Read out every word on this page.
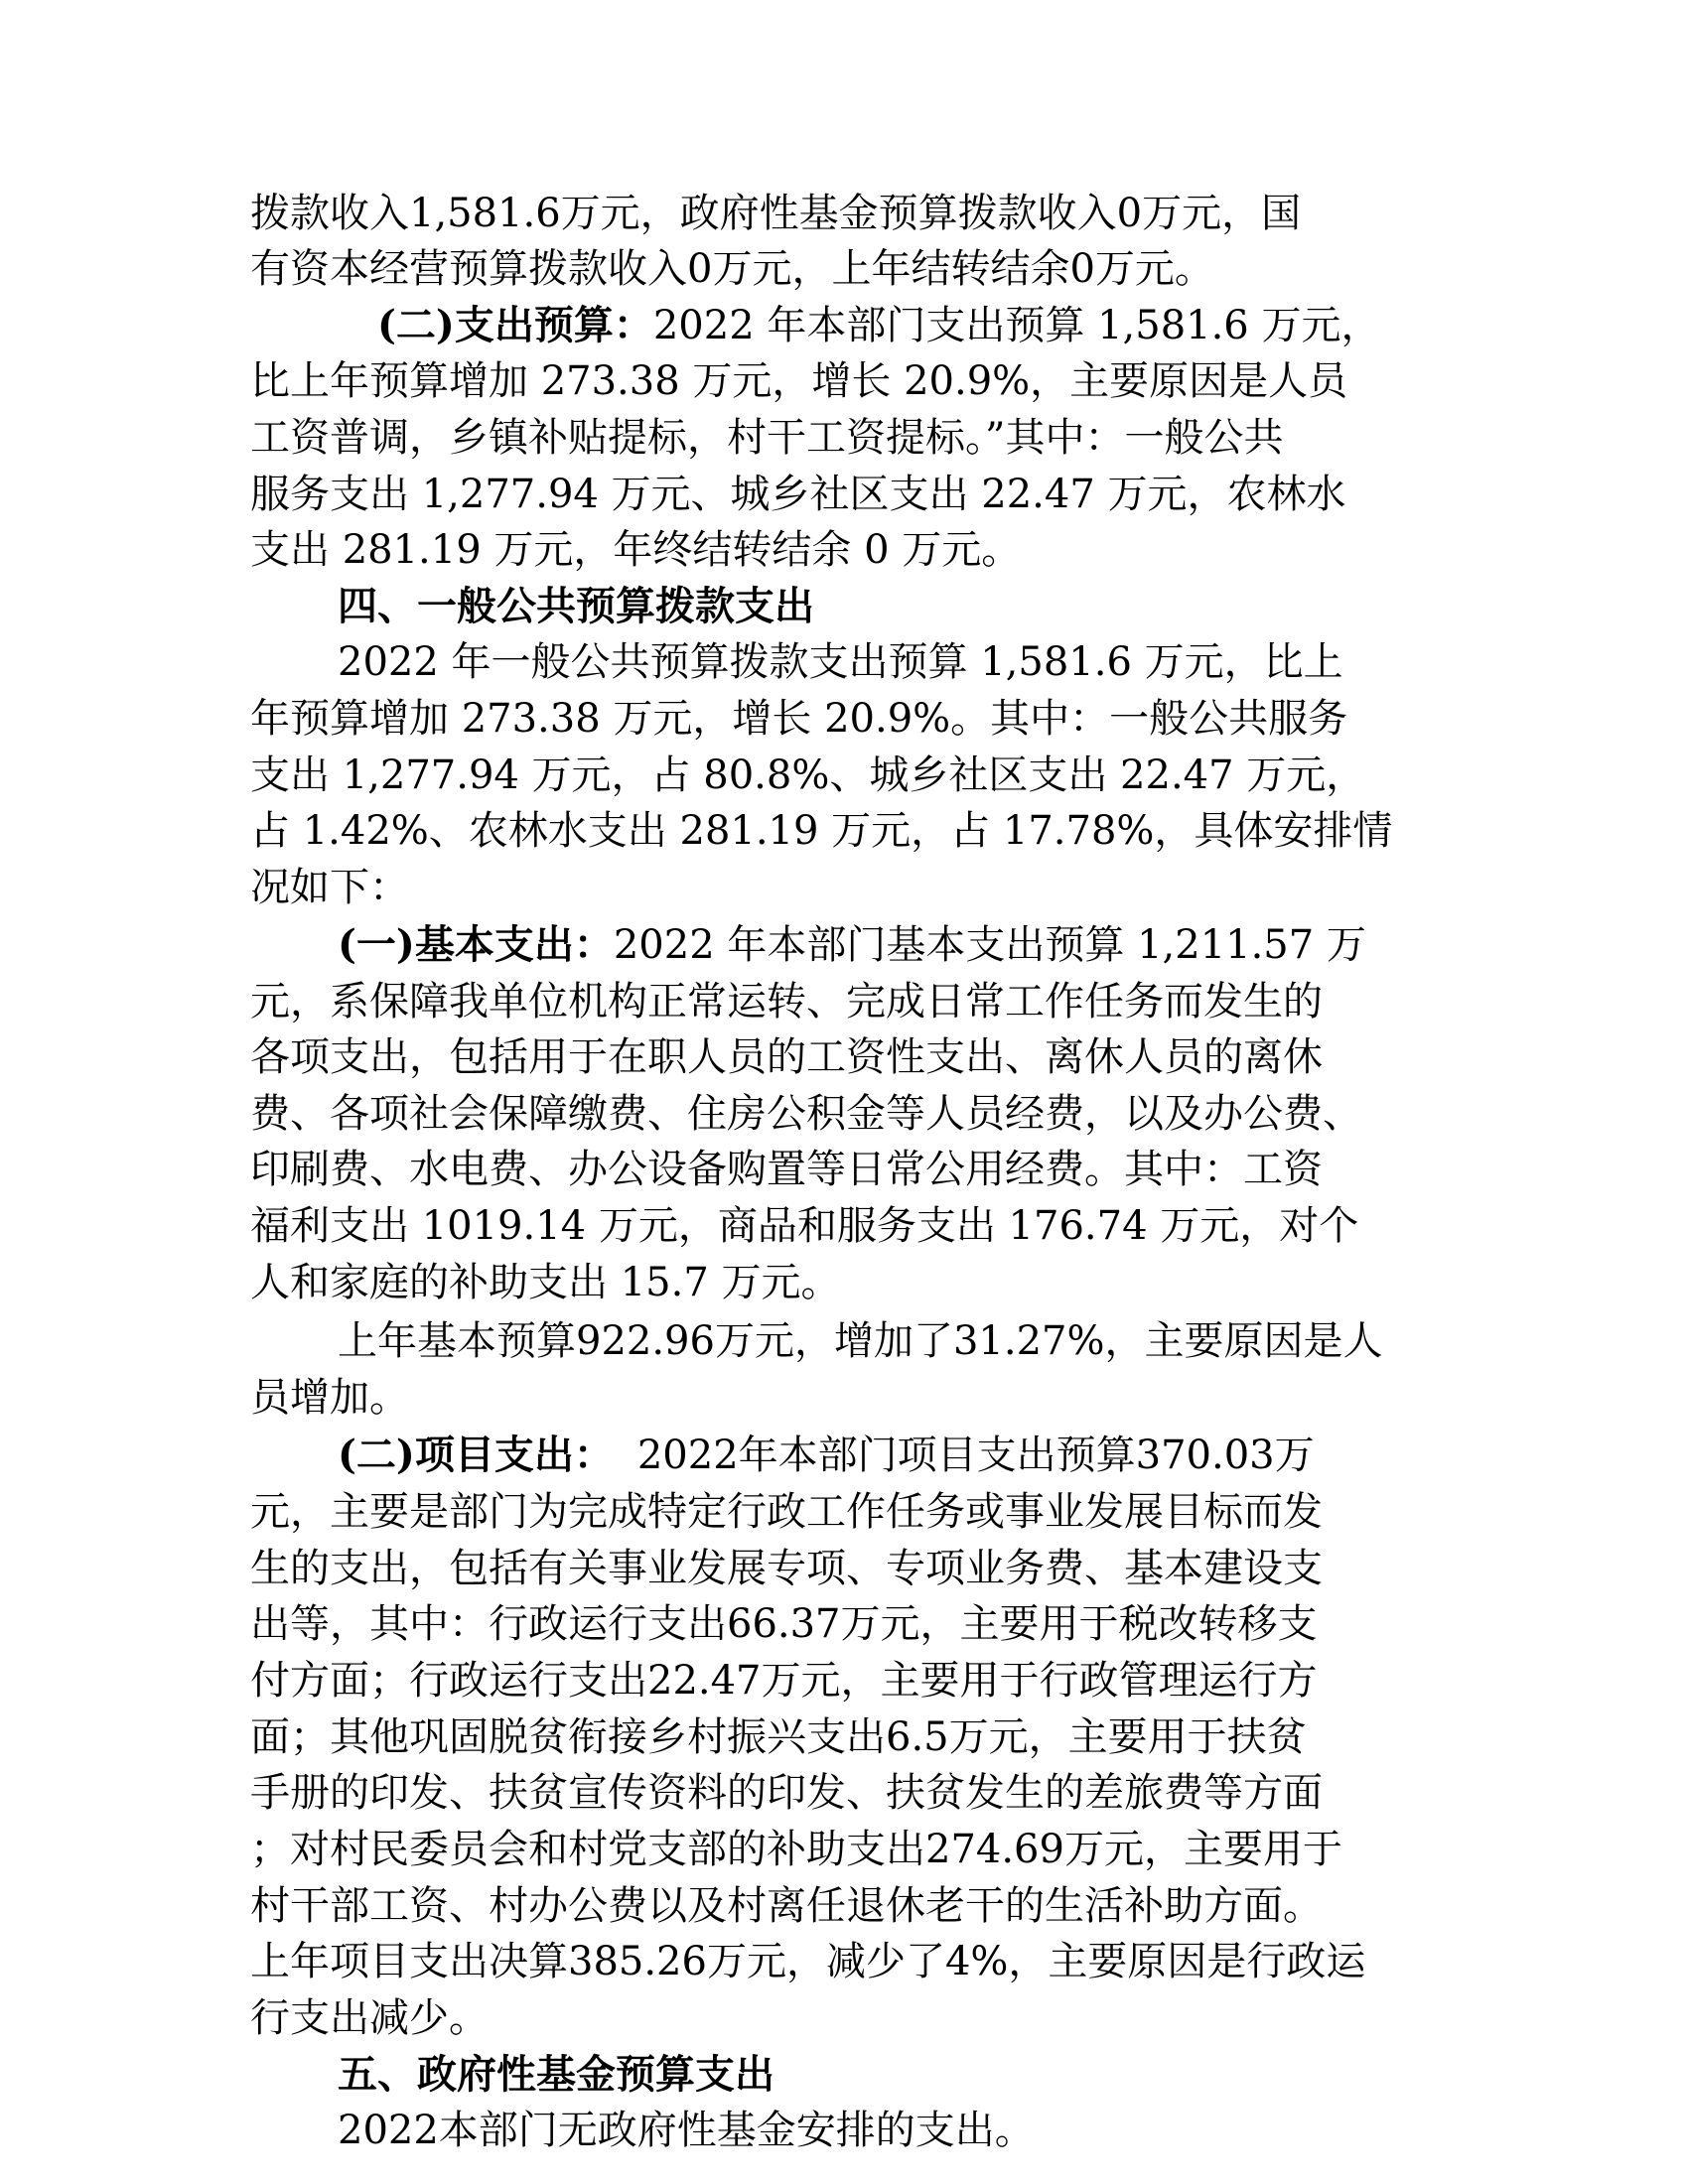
拨款收入1,581.6万元，政府性基金预算拨款收入0万元，国
有资本经营预算拨款收入0万元，上年结转结余0万元。
(二)支出预算：2022 年本部门支出预算 1,581.6 万元，
比上年预算增加 273.38 万元，增长 20.9%，主要原因是人员
工资普调，乡镇补贴提标，村干工资提标。”其中：一般公共
服务支出 1,277.94 万元、城乡社区支出 22.47 万元，农林水
支出 281.19 万元，年终结转结余 0 万元。
四、一般公共预算拨款支出
2022 年一般公共预算拨款支出预算 1,581.6 万元，比上
年预算增加 273.38 万元，增长 20.9%。其中：一般公共服务
支出 1,277.94 万元，占 80.8%、城乡社区支出 22.47 万元，
占 1.42%、农林水支出 281.19 万元，占 17.78%，具体安排情
况如下：
(一)基本支出：2022 年本部门基本支出预算 1,211.57 万
元，系保障我单位机构正常运转、完成日常工作任务而发生的
各项支出，包括用于在职人员的工资性支出、离休人员的离休
费、各项社会保障缴费、住房公积金等人员经费，以及办公费、
印刷费、水电费、办公设备购置等日常公用经费。其中：工资
福利支出 1019.14 万元，商品和服务支出 176.74 万元，对个
人和家庭的补助支出 15.7 万元。
上年基本预算922.96万元，增加了31.27%，主要原因是人
员增加。
(二)项目支出： 2022年本部门项目支出预算370.03万
元，主要是部门为完成特定行政工作任务或事业发展目标而发
生的支出，包括有关事业发展专项、专项业务费、基本建设支
出等，其中：行政运行支出66.37万元，主要用于税改转移支
付方面；行政运行支出22.47万元，主要用于行政管理运行方
面；其他巩固脱贫衔接乡村振兴支出6.5万元，主要用于扶贫
手册的印发、扶贫宣传资料的印发、扶贫发生的差旅费等方面
；对村民委员会和村党支部的补助支出274.69万元，主要用于
村干部工资、村办公费以及村离任退休老干的生活补助方面。
上年项目支出决算385.26万元，减少了4%，主要原因是行政运
行支出减少。
五、政府性基金预算支出
2022本部门无政府性基金安排的支出。
